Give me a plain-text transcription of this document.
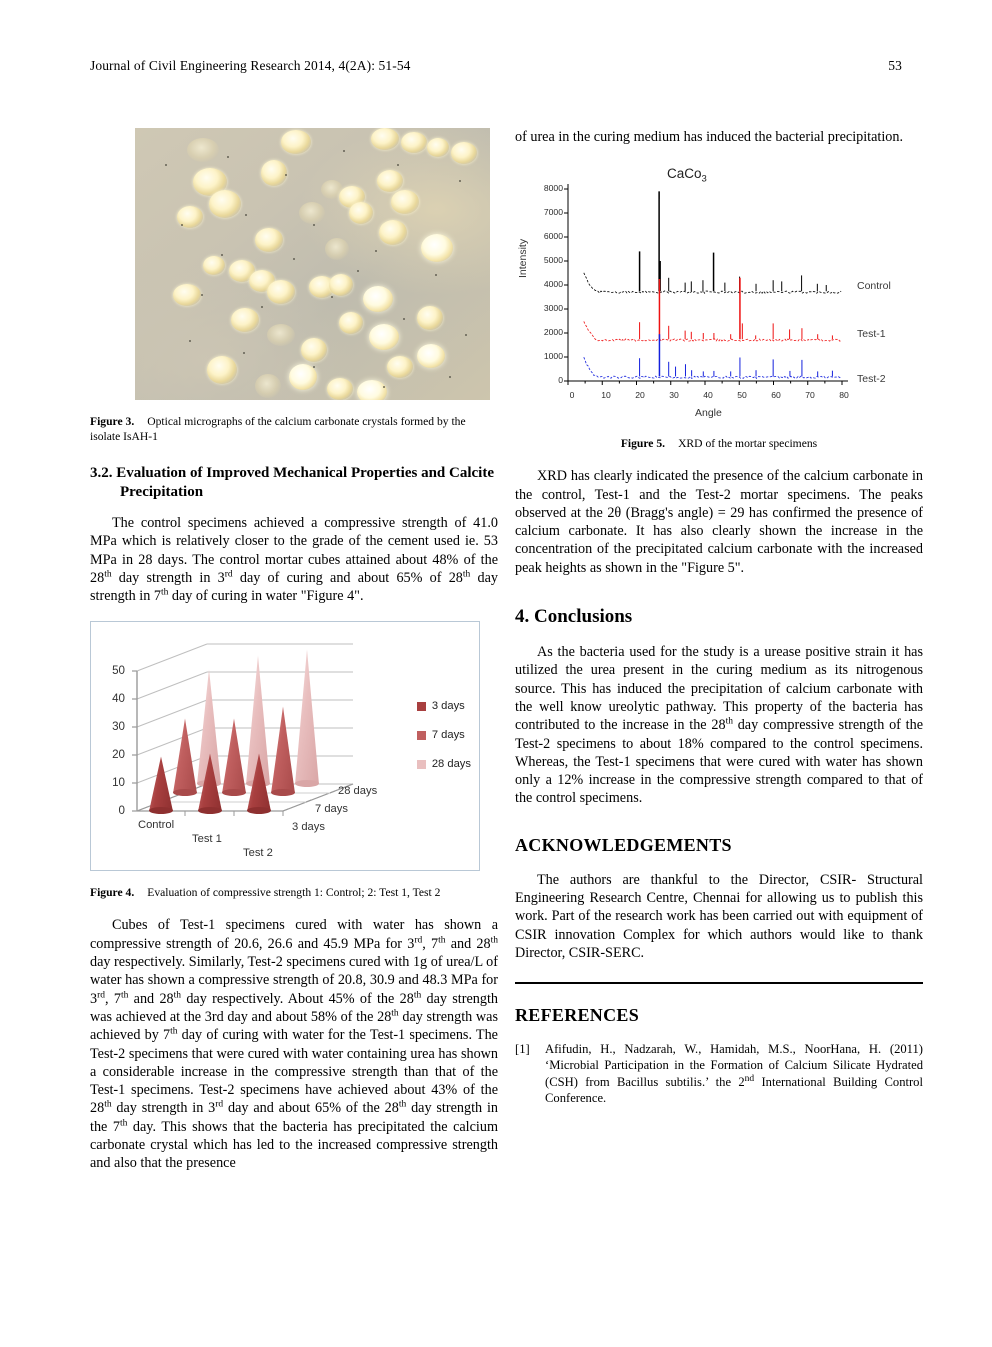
Journal of Civil Engineering Research 2014, 4(2A): 51-54	53

Figure 3. Optical micrographs of the calcium carbonate crystals formed by the isolate IsAH-1

3.2. Evaluation of Improved Mechanical Properties and Calcite Precipitation

The control specimens achieved a compressive strength of 41.0 MPa which is relatively closer to the grade of the cement used ie. 53 MPa in 28 days. The control mortar cubes attained about 48% of the 28th day strength in 3rd day of curing and about 65% of 28th day strength in 7th day of curing in water "Figure 4".

50
40
30
20
10
0
Control
Test 1
Test 2
28 days
7 days
3 days
3 days
7 days
28 days

Figure 4. Evaluation of compressive strength 1: Control; 2: Test 1, Test 2

Cubes of Test-1 specimens cured with water has shown a compressive strength of 20.6, 26.6 and 45.9 MPa for 3rd, 7th and 28th day respectively. Similarly, Test-2 specimens cured with 1g of urea/L of water has shown a compressive strength of 20.8, 30.9 and 48.3 MPa for 3rd, 7th and 28th day respectively. About 45% of the 28th day strength was achieved at the 3rd day and about 58% of the 28th day strength was achieved by 7th day of curing with water for the Test-1 specimens. The Test-2 specimens that were cured with water containing urea has shown a considerable increase in the compressive strength than that of the Test-1 specimens. Test-2 specimens have achieved about 43% of the 28th day strength in 3rd day and about 65% of the 28th day strength in the 7th day. This shows that the bacteria has precipitated the calcium carbonate crystal which has led to the increased compressive strength and also that the presence

of urea in the curing medium has induced the bacterial precipitation.

Intensity
Angle
CaCo$_3$
8000
7000
6000
5000
4000
3000
2000
1000
0
0	10	20	30	40	50	60	70	80
Control
Test-1
Test-2

Figure 5. XRD of the mortar specimens

XRD has clearly indicated the presence of the calcium carbonate in the control, Test-1 and the Test-2 mortar specimens. The peaks observed at the 2θ (Bragg's angle) = 29 has confirmed the presence of calcium carbonate. It has also clearly shown the increase in the concentration of the precipitated calcium carbonate with the increased peak heights as shown in the "Figure 5".

4. Conclusions

As the bacteria used for the study is a urease positive strain it has utilized the urea present in the curing medium as its nitrogenous source. This has induced the precipitation of calcium carbonate with the well know ureolytic pathway. This property of the bacteria has contributed to the increase in the 28th day compressive strength of the Test-2 specimens to about 18% compared to the control specimens. Whereas, the Test-1 specimens that were cured with water has shown only a 12% increase in the compressive strength compared to that of the control specimens.

ACKNOWLEDGEMENTS

The authors are thankful to the Director, CSIR- Structural Engineering Research Centre, Chennai for allowing us to publish this work. Part of the research work has been carried out with equipment of CSIR innovation Complex for which authors would like to thank Director, CSIR-SERC.

REFERENCES

[1]	Afifudin, H., Nadzarah, W., Hamidah, M.S., NoorHana, H. (2011) ‘Microbial Participation in the Formation of Calcium Silicate Hydrated (CSH) from Bacillus subtilis.’ the 2nd International Building Control Conference.
